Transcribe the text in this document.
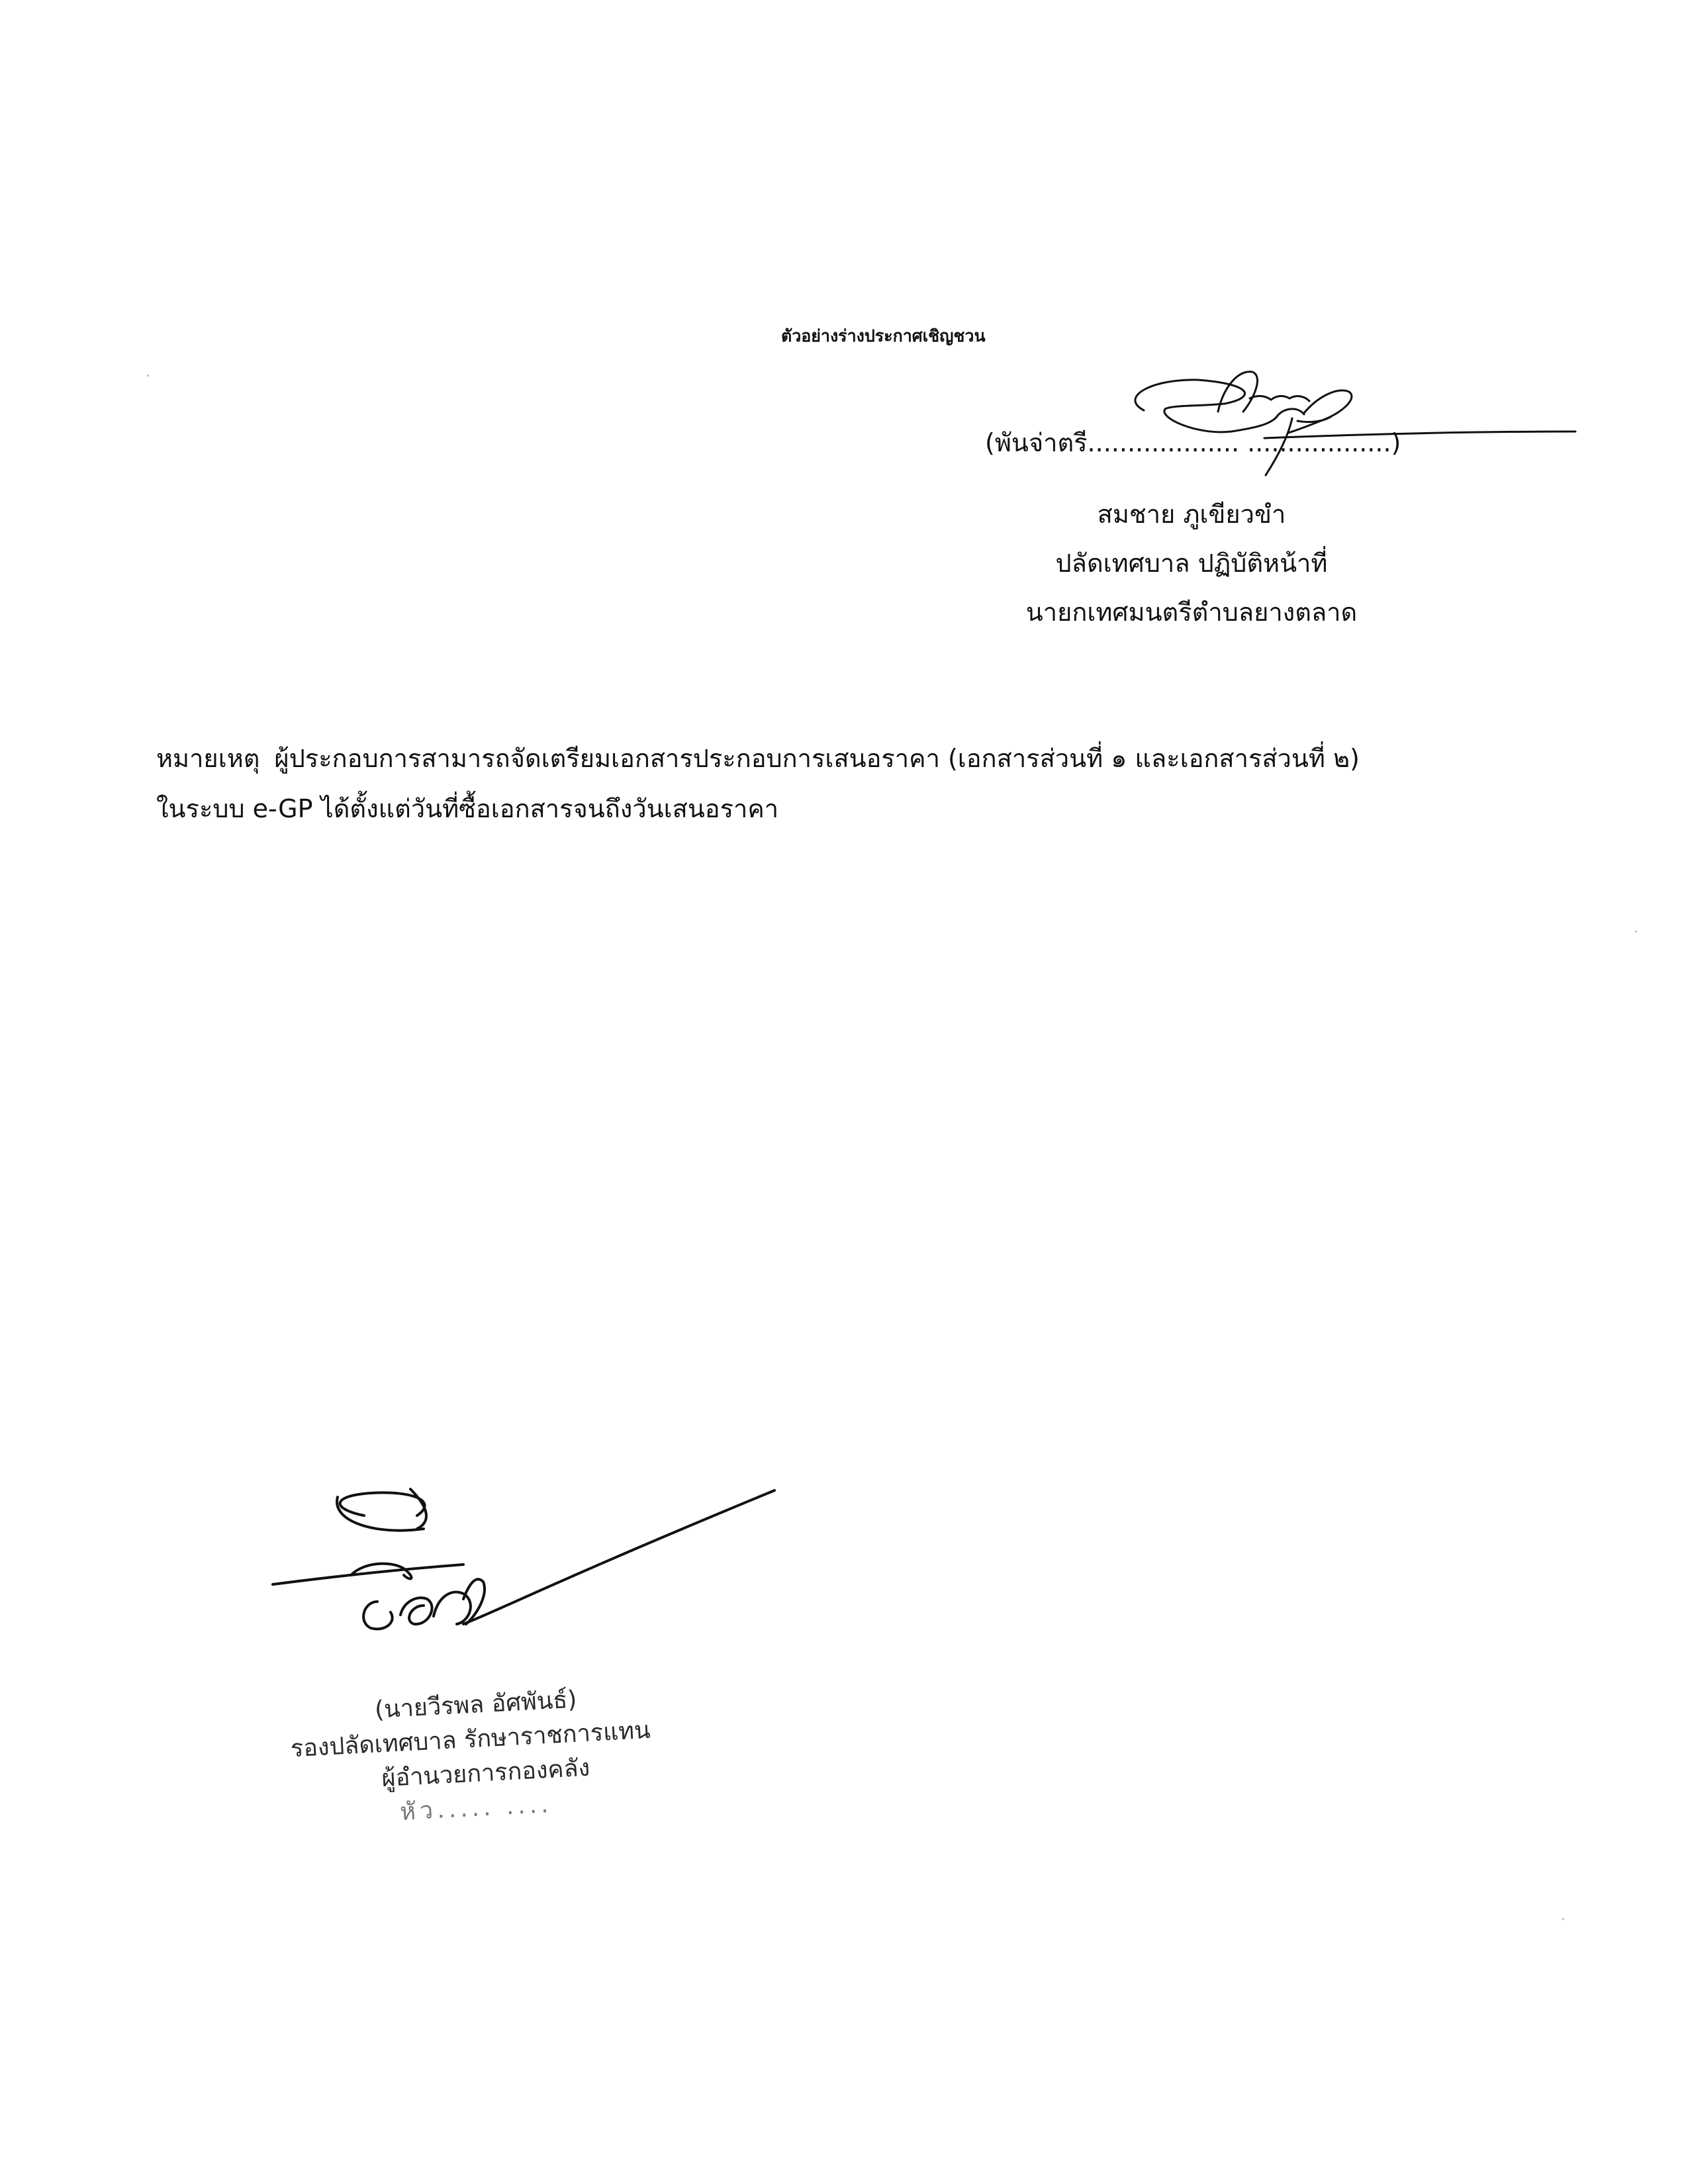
ตัวอย่างร่างประกาศเชิญชวน
(พันจ่าตรี................... ..................)
สมชาย ภูเขียวขำ
ปลัดเทศบาล ปฏิบัติหน้าที่
นายกเทศมนตรีตำบลยางตลาด
หมายเหตุ ผู้ประกอบการสามารถจัดเตรียมเอกสารประกอบการเสนอราคา (เอกสารส่วนที่ ๑ และเอกสารส่วนที่ ๒)
ในระบบ e-GP ได้ตั้งแต่วันที่ซื้อเอกสารจนถึงวันเสนอราคา
(นายวีรพล อัศพันธ์)
รองปลัดเทศบาล รักษาราชการแทน
ผู้อำนวยการกองคลัง
หัว..... ....
